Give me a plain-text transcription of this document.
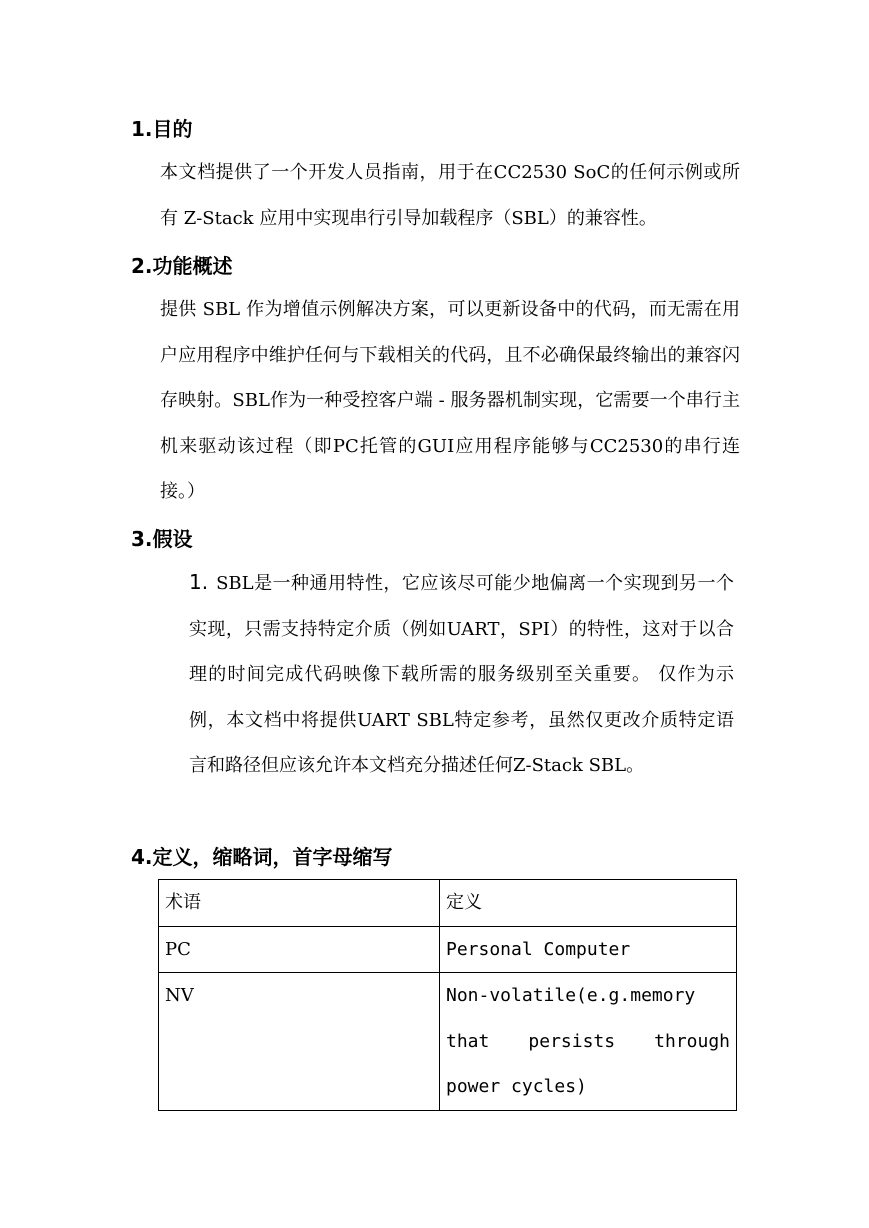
1.目的

本文档提供了一个开发人员指南，用于在CC2530 SoC的任何示例或所有 Z-Stack 应用中实现串行引导加载程序（SBL）的兼容性。

2.功能概述

提供 SBL 作为增值示例解决方案，可以更新设备中的代码，而无需在用户应用程序中维护任何与下载相关的代码，且不必确保最终输出的兼容闪存映射。SBL作为一种受控客户端 - 服务器机制实现，它需要一个串行主机来驱动该过程（即PC托管的GUI应用程序能够与CC2530的串行连接。）

3.假设

1. SBL是一种通用特性，它应该尽可能少地偏离一个实现到另一个实现，只需支持特定介质（例如UART，SPI）的特性，这对于以合理的时间完成代码映像下载所需的服务级别至关重要。 仅作为示例，本文档中将提供UART SBL特定参考，虽然仅更改介质特定语言和路径但应该允许本文档充分描述任何Z-Stack SBL。

4.定义，缩略词，首字母缩写
术语	定义
PC	Personal Computer
NV	Non-volatile(e.g.memory that persists through power cycles)
